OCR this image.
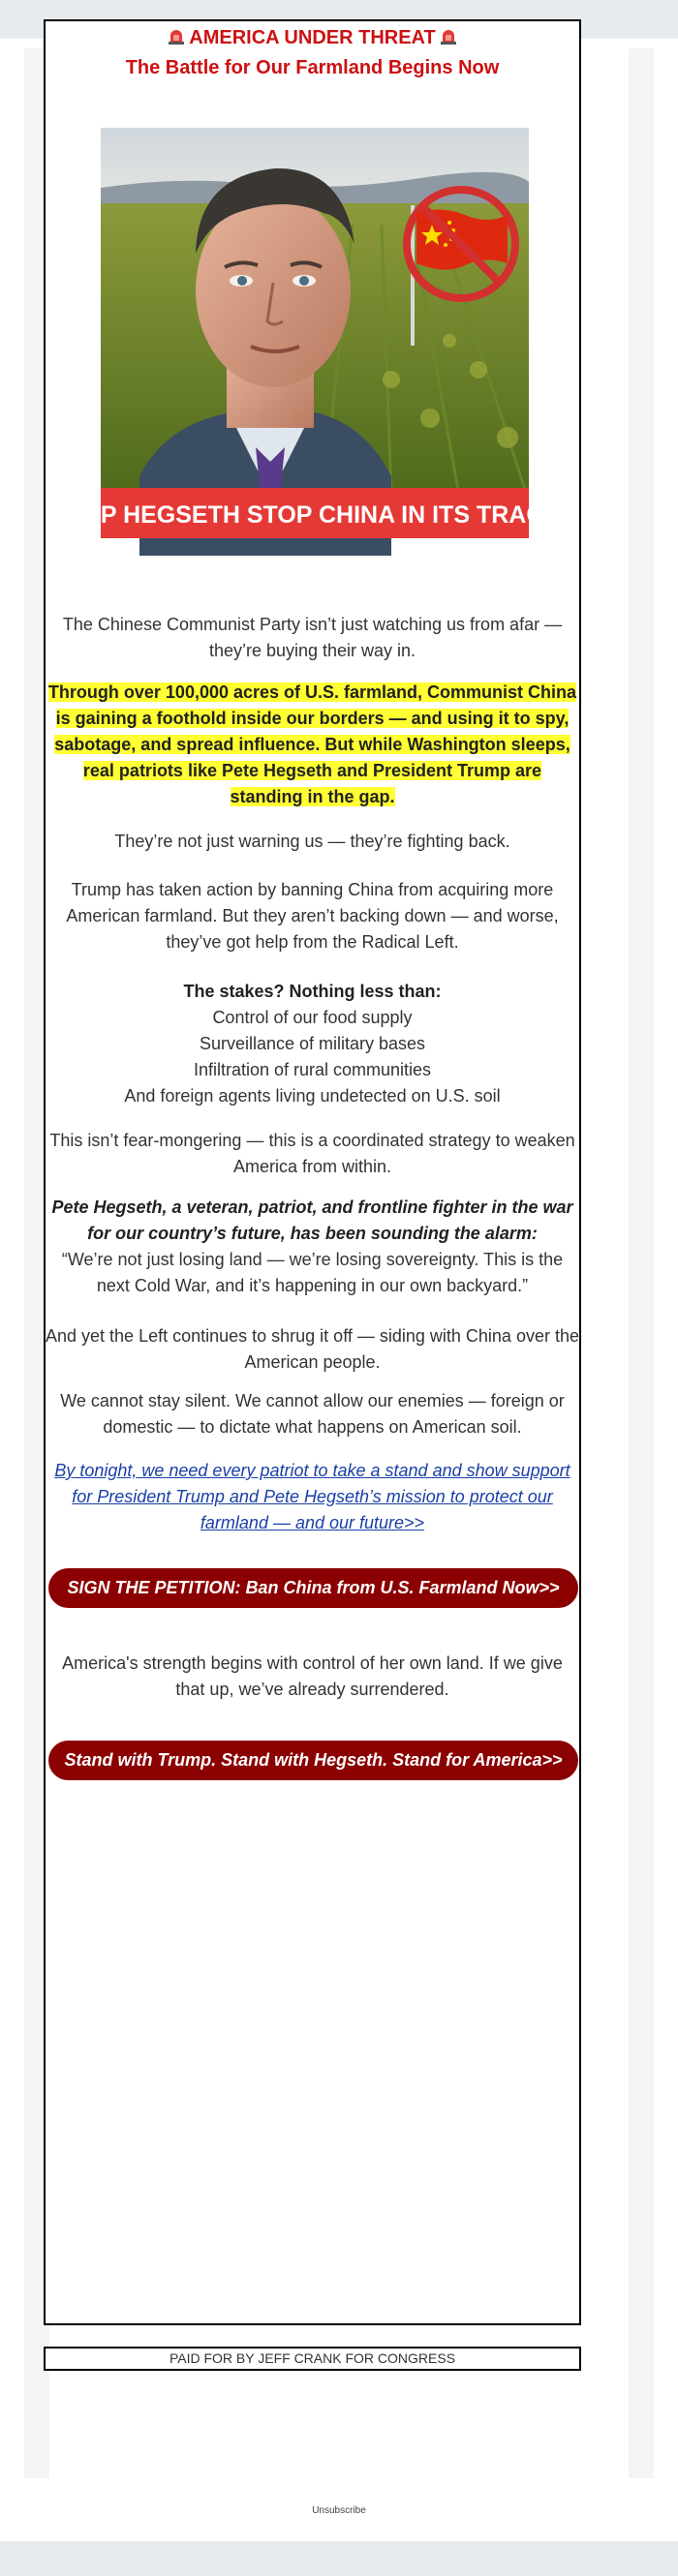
AMERICA UNDER THREAT
The Battle for Our Farmland Begins Now
HELP HEGSETH STOP CHINA IN ITS TRACKS
The Chinese Communist Party isn’t just watching us from afar — they’re buying their way in.
Through over 100,000 acres of U.S. farmland, Communist China is gaining a foothold inside our borders — and using it to spy, sabotage, and spread influence. But while Washington sleeps, real patriots like Pete Hegseth and President Trump are standing in the gap.
They’re not just warning us — they’re fighting back.
Trump has taken action by banning China from acquiring more American farmland. But they aren’t backing down — and worse, they’ve got help from the Radical Left.
The stakes? Nothing less than:
Control of our food supply
Surveillance of military bases
Infiltration of rural communities
And foreign agents living undetected on U.S. soil
This isn’t fear-mongering — this is a coordinated strategy to weaken America from within.
Pete Hegseth, a veteran, patriot, and frontline fighter in the war for our country’s future, has been sounding the alarm:
“We’re not just losing land — we’re losing sovereignty. This is the next Cold War, and it’s happening in our own backyard.”
And yet the Left continues to shrug it off — siding with China over the American people.
We cannot stay silent. We cannot allow our enemies — foreign or domestic — to dictate what happens on American soil.
By tonight, we need every patriot to take a stand and show support for President Trump and Pete Hegseth’s mission to protect our farmland — and our future>>
SIGN THE PETITION: Ban China from U.S. Farmland Now>>
America's strength begins with control of her own land. If we give that up, we’ve already surrendered.
Stand with Trump. Stand with Hegseth. Stand for America>>
PAID FOR BY JEFF CRANK FOR CONGRESS
Unsubscribe
